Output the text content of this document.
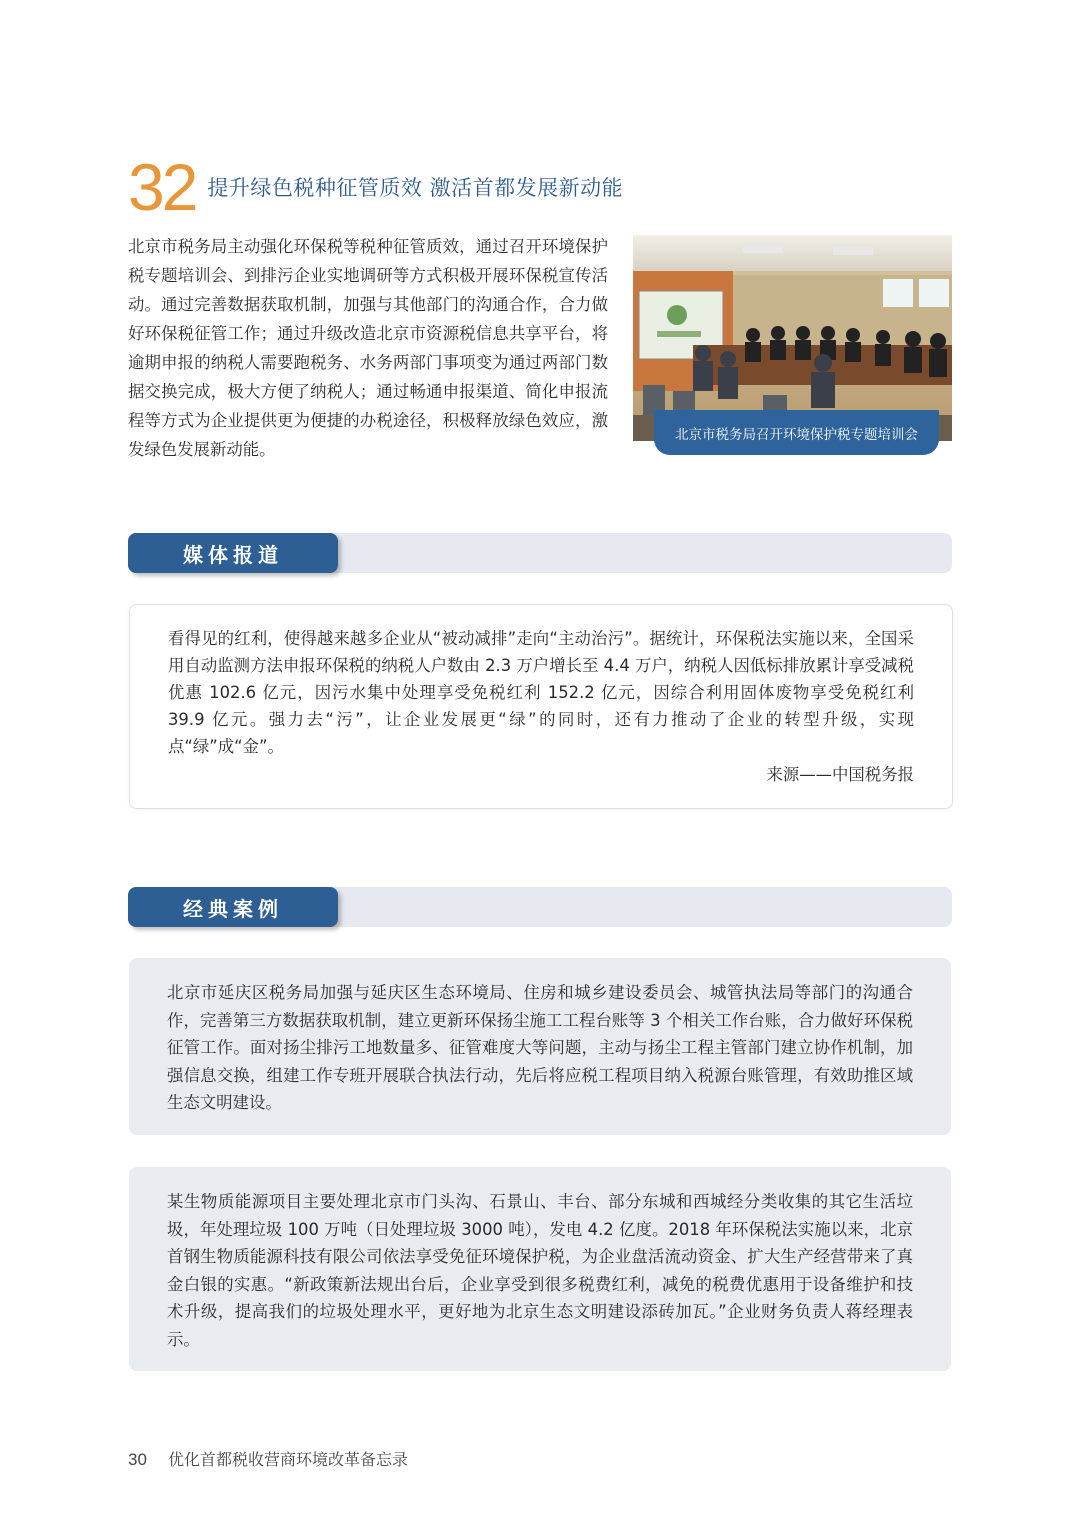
32 提升绿色税种征管质效 激活首都发展新动能
北京市税务局主动强化环保税等税种征管质效，通过召开环境保护税专题培训会、到排污企业实地调研等方式积极开展环保税宣传活动。通过完善数据获取机制，加强与其他部门的沟通合作，合力做好环保税征管工作；通过升级改造北京市资源税信息共享平台，将逾期申报的纳税人需要跑税务、水务两部门事项变为通过两部门数据交换完成，极大方便了纳税人；通过畅通申报渠道、简化申报流程等方式为企业提供更为便捷的办税途径，积极释放绿色效应，激发绿色发展新动能。
北京市税务局召开环境保护税专题培训会
媒体报道
看得见的红利，使得越来越多企业从“被动减排”走向“主动治污”。据统计，环保税法实施以来，全国采用自动监测方法申报环保税的纳税人户数由 2.3 万户增长至 4.4 万户，纳税人因低标排放累计享受减税优惠 102.6 亿元，因污水集中处理享受免税红利 152.2 亿元，因综合利用固体废物享受免税红利 39.9 亿元。强力去“污”，让企业发展更“绿”的同时，还有力推动了企业的转型升级，实现点“绿”成“金”。
来源——中国税务报
经典案例
北京市延庆区税务局加强与延庆区生态环境局、住房和城乡建设委员会、城管执法局等部门的沟通合作，完善第三方数据获取机制，建立更新环保扬尘施工工程台账等 3 个相关工作台账，合力做好环保税征管工作。面对扬尘排污工地数量多、征管难度大等问题，主动与扬尘工程主管部门建立协作机制，加强信息交换，组建工作专班开展联合执法行动，先后将应税工程项目纳入税源台账管理，有效助推区域生态文明建设。
某生物质能源项目主要处理北京市门头沟、石景山、丰台、部分东城和西城经分类收集的其它生活垃圾，年处理垃圾 100 万吨（日处理垃圾 3000 吨），发电 4.2 亿度。2018 年环保税法实施以来，北京首钢生物质能源科技有限公司依法享受免征环境保护税，为企业盘活流动资金、扩大生产经营带来了真金白银的实惠。“新政策新法规出台后，企业享受到很多税费红利，减免的税费优惠用于设备维护和技术升级，提高我们的垃圾处理水平，更好地为北京生态文明建设添砖加瓦。”企业财务负责人蒋经理表示。
30 优化首都税收营商环境改革备忘录
